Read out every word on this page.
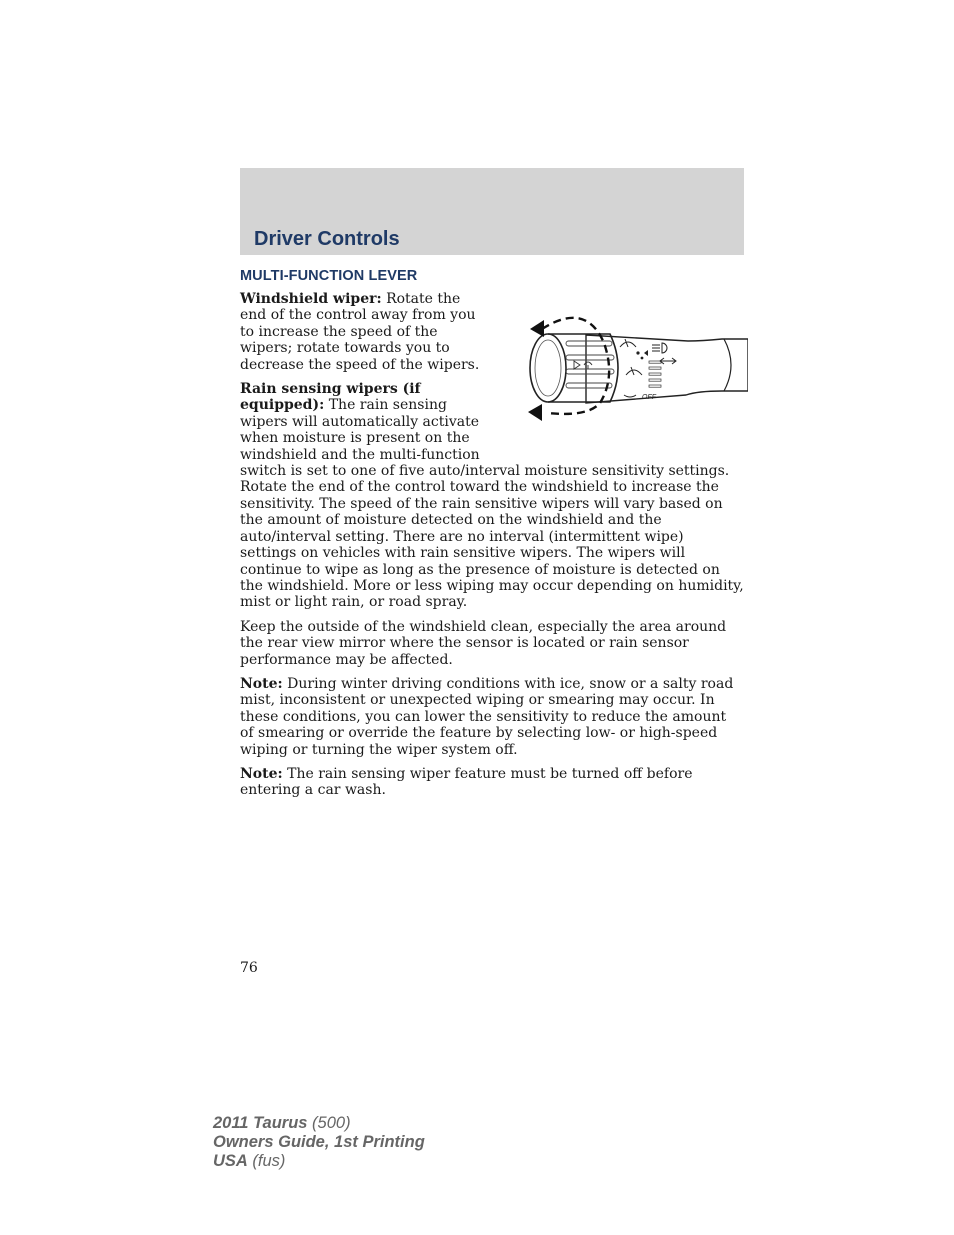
Driver Controls
MULTI-FUNCTION LEVER
OFF

Windshield wiper: Rotate the end of the control away from you to increase the speed of the wipers; rotate towards you to decrease the speed of the wipers.

Rain sensing wipers (if equipped): The rain sensing wipers will automatically activate when moisture is present on the windshield and the multi-function switch is set to one of five auto/interval moisture sensitivity settings. Rotate the end of the control toward the windshield to increase the sensitivity. The speed of the rain sensitive wipers will vary based on the amount of moisture detected on the windshield and the auto/interval setting. There are no interval (intermittent wipe) settings on vehicles with rain sensitive wipers. The wipers will continue to wipe as long as the presence of moisture is detected on the windshield. More or less wiping may occur depending on humidity, mist or light rain, or road spray.

Keep the outside of the windshield clean, especially the area around the rear view mirror where the sensor is located or rain sensor performance may be affected.

Note: During winter driving conditions with ice, snow or a salty road mist, inconsistent or unexpected wiping or smearing may occur. In these conditions, you can lower the sensitivity to reduce the amount of smearing or override the feature by selecting low- or high-speed wiping or turning the wiper system off.

Note: The rain sensing wiper feature must be turned off before entering a car wash.

76
2011 Taurus (500)
Owners Guide, 1st Printing
USA (fus)
